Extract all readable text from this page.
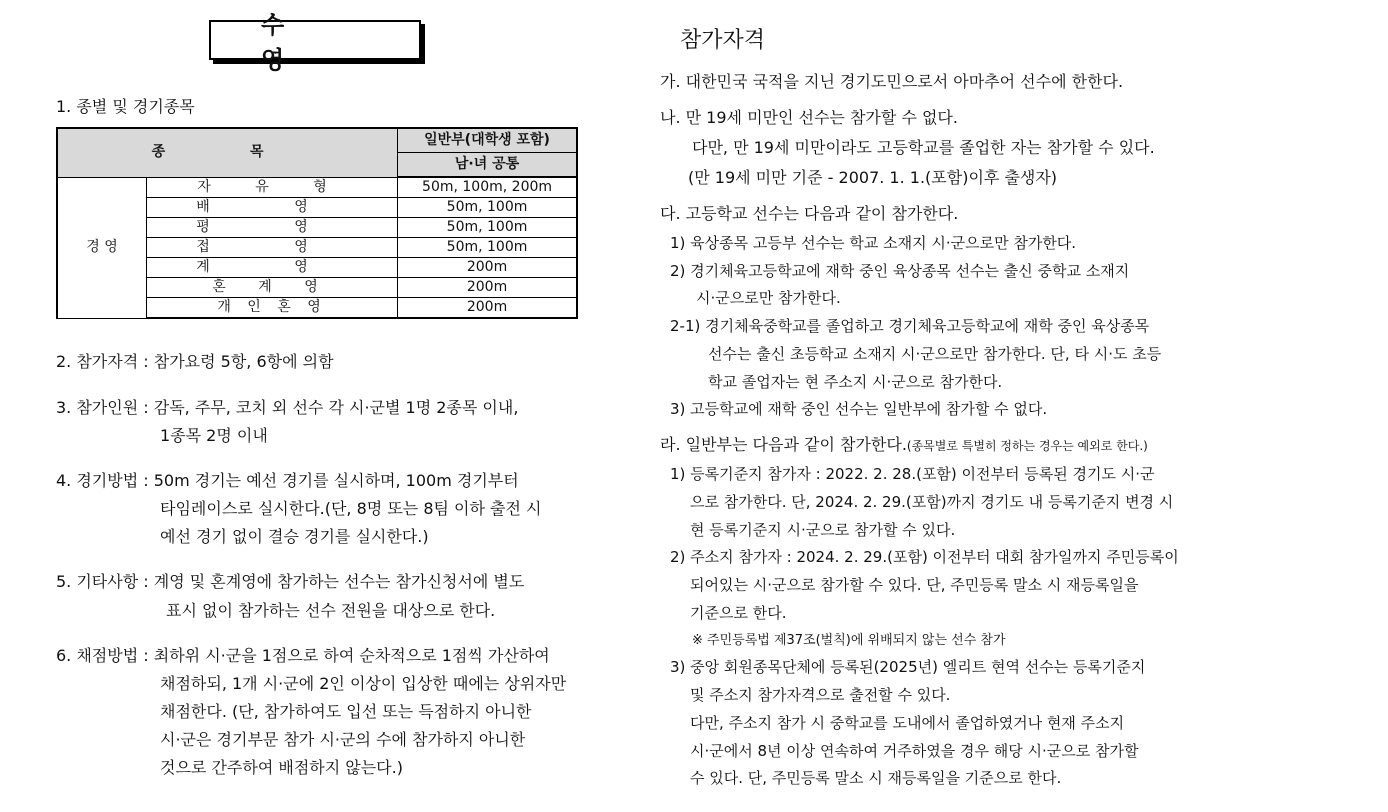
수 영
1. 종별 및 경기종목
종 목		일반부(대학생 포함)
		남·녀 공통
경 영	자 유 형	50m, 100m, 200m
	배 영	50m, 100m
	평 영	50m, 100m
	접 영	50m, 100m
	계 영	200m
	혼 계 영	200m
	개 인 혼 영	200m
2. 참가자격 : 참가요령 5항, 6항에 의함
3. 참가인원 : 감독, 주무, 코치 외 선수 각 시·군별 1명 2종목 이내,
1종목 2명 이내
4. 경기방법 : 50m 경기는 예선 경기를 실시하며, 100m 경기부터
타임레이스로 실시한다.(단, 8명 또는 8팀 이하 출전 시
예선 경기 없이 결승 경기를 실시한다.)
5. 기타사항 : 계영 및 혼계영에 참가하는 선수는 참가신청서에 별도
표시 없이 참가하는 선수 전원을 대상으로 한다.
6. 채점방법 : 최하위 시·군을 1점으로 하여 순차적으로 1점씩 가산하여
채점하되, 1개 시·군에 2인 이상이 입상한 때에는 상위자만
채점한다. (단, 참가하여도 입선 또는 득점하지 아니한
시·군은 경기부문 참가 시·군의 수에 참가하지 아니한
것으로 간주하여 배점하지 않는다.)
참가자격
가. 대한민국 국적을 지닌 경기도민으로서 아마추어 선수에 한한다.
나. 만 19세 미만인 선수는 참가할 수 없다.
다만, 만 19세 미만이라도 고등학교를 졸업한 자는 참가할 수 있다.
(만 19세 미만 기준 - 2007. 1. 1.(포함)이후 출생자)
다. 고등학교 선수는 다음과 같이 참가한다.
1) 육상종목 고등부 선수는 학교 소재지 시·군으로만 참가한다.
2) 경기체육고등학교에 재학 중인 육상종목 선수는 출신 중학교 소재지
시·군으로만 참가한다.
2-1) 경기체육중학교를 졸업하고 경기체육고등학교에 재학 중인 육상종목
선수는 출신 초등학교 소재지 시·군으로만 참가한다. 단, 타 시·도 초등
학교 졸업자는 현 주소지 시·군으로 참가한다.
3) 고등학교에 재학 중인 선수는 일반부에 참가할 수 없다.
라. 일반부는 다음과 같이 참가한다.(종목별로 특별히 정하는 경우는 예외로 한다.)
1) 등록기준지 참가자 : 2022. 2. 28.(포함) 이전부터 등록된 경기도 시·군
으로 참가한다. 단, 2024. 2. 29.(포함)까지 경기도 내 등록기준지 변경 시
현 등록기준지 시·군으로 참가할 수 있다.
2) 주소지 참가자 : 2024. 2. 29.(포함) 이전부터 대회 참가일까지 주민등록이
되어있는 시·군으로 참가할 수 있다. 단, 주민등록 말소 시 재등록일을
기준으로 한다.
※ 주민등록법 제37조(벌칙)에 위배되지 않는 선수 참가
3) 중앙 회원종목단체에 등록된(2025년) 엘리트 현역 선수는 등록기준지
및 주소지 참가자격으로 출전할 수 있다.
다만, 주소지 참가 시 중학교를 도내에서 졸업하였거나 현재 주소지
시·군에서 8년 이상 연속하여 거주하였을 경우 해당 시·군으로 참가할
수 있다. 단, 주민등록 말소 시 재등록일을 기준으로 한다.
